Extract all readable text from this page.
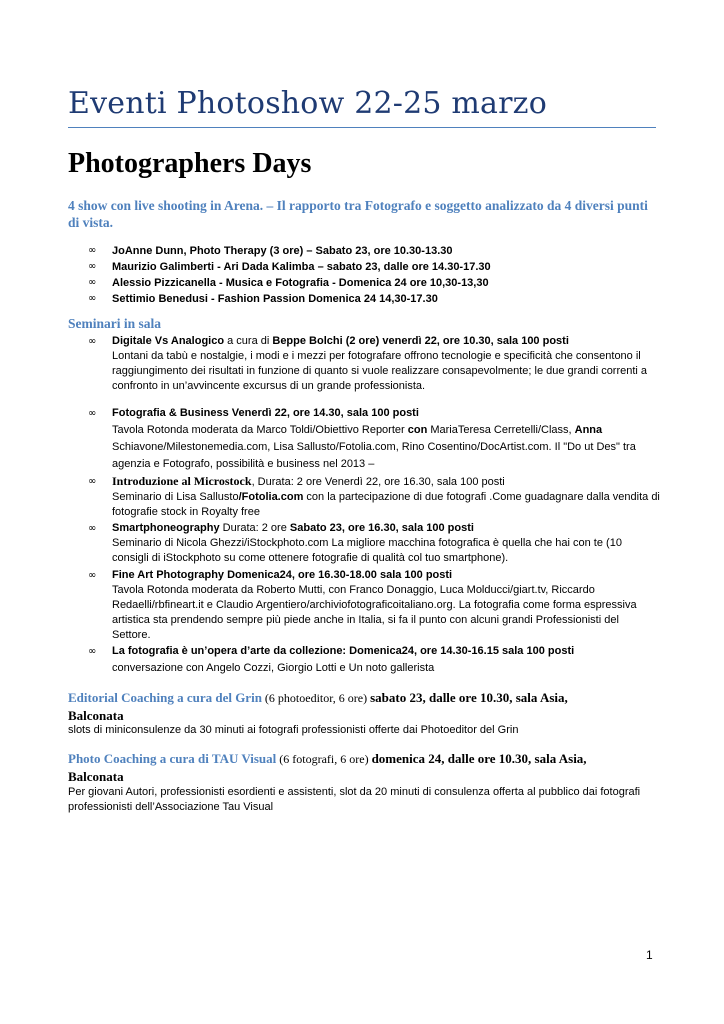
Eventi Photoshow 22-25 marzo
Photographers Days
4 show con live shooting in Arena. – Il rapporto tra Fotografo e soggetto analizzato da 4 diversi punti di vista.
∞ JoAnne Dunn, Photo Therapy (3 ore) – Sabato 23, ore 10.30-13.30
∞ Maurizio Galimberti - Ari Dada Kalimba – sabato 23, dalle ore 14.30-17.30
∞ Alessio Pizzicanella - Musica e Fotografia - Domenica 24 ore 10,30-13,30
∞ Settimio Benedusi - Fashion Passion Domenica 24 14,30-17.30
Seminari in sala
∞ Digitale Vs Analogico a cura di Beppe Bolchi (2 ore) venerdì 22, ore 10.30, sala 100 posti
Lontani da tabù e nostalgie, i modi e i mezzi per fotografare offrono tecnologie e specificità che consentono il raggiungimento dei risultati in funzione di quanto si vuole realizzare consapevolmente; le due grandi correnti a confronto in un’avvincente excursus di un grande professionista.
∞ Fotografia & Business Venerdì 22, ore 14.30, sala 100 posti
Tavola Rotonda moderata da Marco Toldi/Obiettivo Reporter con MariaTeresa Cerretelli/Class, Anna Schiavone/Milestonemedia.com, Lisa Sallusto/Fotolia.com, Rino Cosentino/DocArtist.com. Il "Do ut Des" tra agenzia e Fotografo, possibilità e business nel 2013 –
∞ Introduzione al Microstock, Durata: 2 ore Venerdì 22, ore 16.30, sala 100 posti
Seminario di Lisa Sallusto/Fotolia.com con la partecipazione di due fotografi .Come guadagnare dalla vendita di fotografie stock in Royalty free
∞ Smartphoneography Durata: 2 ore Sabato 23, ore 16.30, sala 100 posti
Seminario di Nicola Ghezzi/iStockphoto.com La migliore macchina fotografica è quella che hai con te (10 consigli di iStockphoto su come ottenere fotografie di qualità col tuo smartphone).
∞ Fine Art Photography Domenica24, ore 16.30-18.00 sala 100 posti
Tavola Rotonda moderata da Roberto Mutti, con Franco Donaggio, Luca Molducci/giart.tv, Riccardo Redaelli/rbfineart.it e Claudio Argentiero/archiviofotograficoitaliano.org. La fotografia come forma espressiva artistica sta prendendo sempre più piede anche in Italia, si fa il punto con alcuni grandi Professionisti del Settore.
∞ La fotografia è un’opera d’arte da collezione: Domenica24, ore 14.30-16.15 sala 100 posti
conversazione con Angelo Cozzi, Giorgio Lotti e Un noto gallerista
Editorial Coaching a cura del Grin (6 photoeditor, 6 ore) sabato 23, dalle ore 10.30, sala Asia,
Balconata
slots di miniconsulenze da 30 minuti ai fotografi professionisti offerte dai Photoeditor del Grin
Photo Coaching a cura di TAU Visual (6 fotografi, 6 ore) domenica 24, dalle ore 10.30, sala Asia,
Balconata
Per giovani Autori, professionisti esordienti e assistenti, slot da 20 minuti di consulenza offerta al pubblico dai fotografi professionisti dell’Associazione Tau Visual
1
